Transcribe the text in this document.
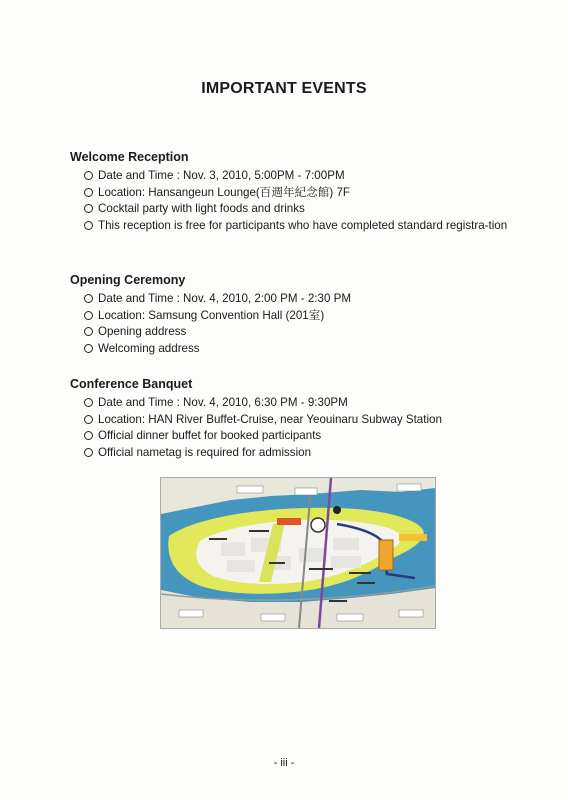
IMPORTANT EVENTS
Welcome Reception
Date and Time : Nov. 3, 2010, 5:00PM - 7:00PM
Location: Hansangeun Lounge(百週年紀念館) 7F
Cocktail party with light foods and drinks
This reception is free for participants who have completed standard registra-tion
Opening Ceremony
Date and Time : Nov. 4, 2010, 2:00 PM - 2:30 PM
Location: Samsung Convention Hall (201室)
Opening address
Welcoming address
Conference Banquet
Date and Time : Nov. 4, 2010, 6:30 PM - 9:30PM
Location: HAN River Buffet-Cruise, near Yeouinaru Subway Station
Official dinner buffet for booked participants
Official nametag is required for admission
- iii -
